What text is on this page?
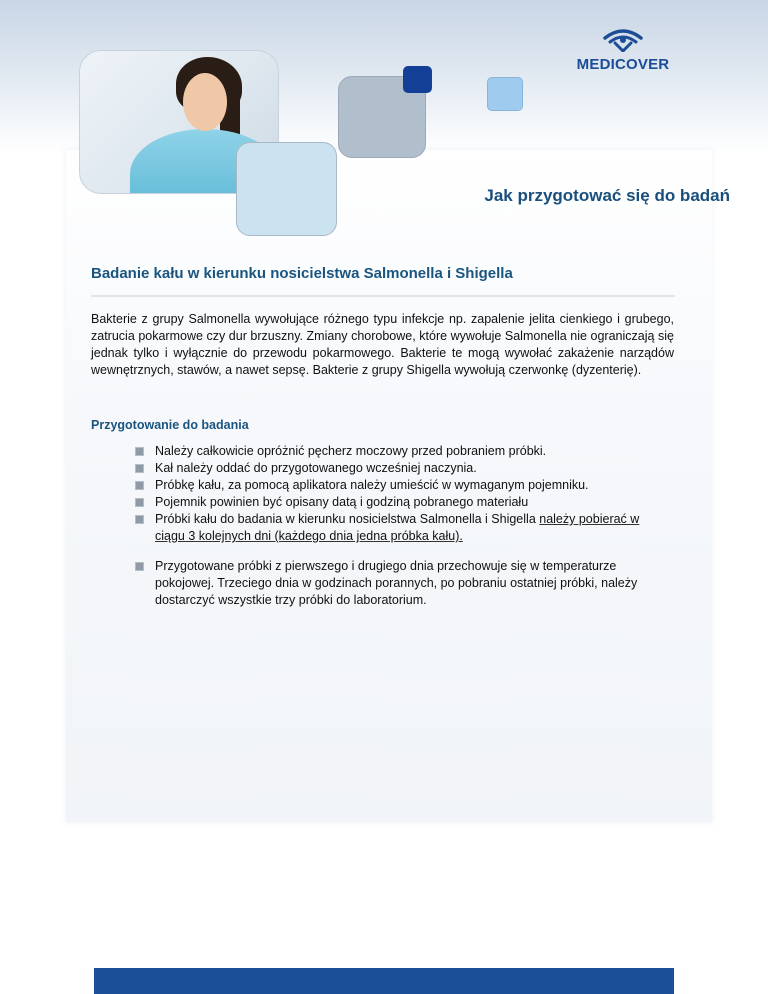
MEDICOVER
Jak przygotować się do badań
Badanie kału w kierunku nosicielstwa Salmonella i Shigella
Bakterie z grupy Salmonella wywołujące różnego typu infekcje np. zapalenie jelita cienkiego i grubego, zatrucia pokarmowe czy dur brzuszny. Zmiany chorobowe, które wywołuje Salmonella nie ograniczają się jednak tylko i wyłącznie do przewodu pokarmowego. Bakterie te mogą wywołać zakażenie narządów wewnętrznych, stawów, a nawet sepsę. Bakterie z grupy Shigella wywołują czerwonkę (dyzenterię).
Przygotowanie do badania
Należy całkowicie opróżnić pęcherz moczowy przed pobraniem próbki.
Kał należy oddać do przygotowanego wcześniej naczynia.
Próbkę kału, za pomocą aplikatora należy umieścić w wymaganym pojemniku.
Pojemnik powinien być opisany datą i godziną pobranego materiału
Próbki kału do badania w kierunku nosicielstwa Salmonella i Shigella należy pobierać w ciągu 3 kolejnych dni (każdego dnia jedna próbka kału).
Przygotowane próbki z pierwszego i drugiego dnia przechowuje się w temperaturze pokojowej. Trzeciego dnia w godzinach porannych, po pobraniu ostatniej próbki, należy dostarczyć wszystkie trzy próbki do laboratorium.
